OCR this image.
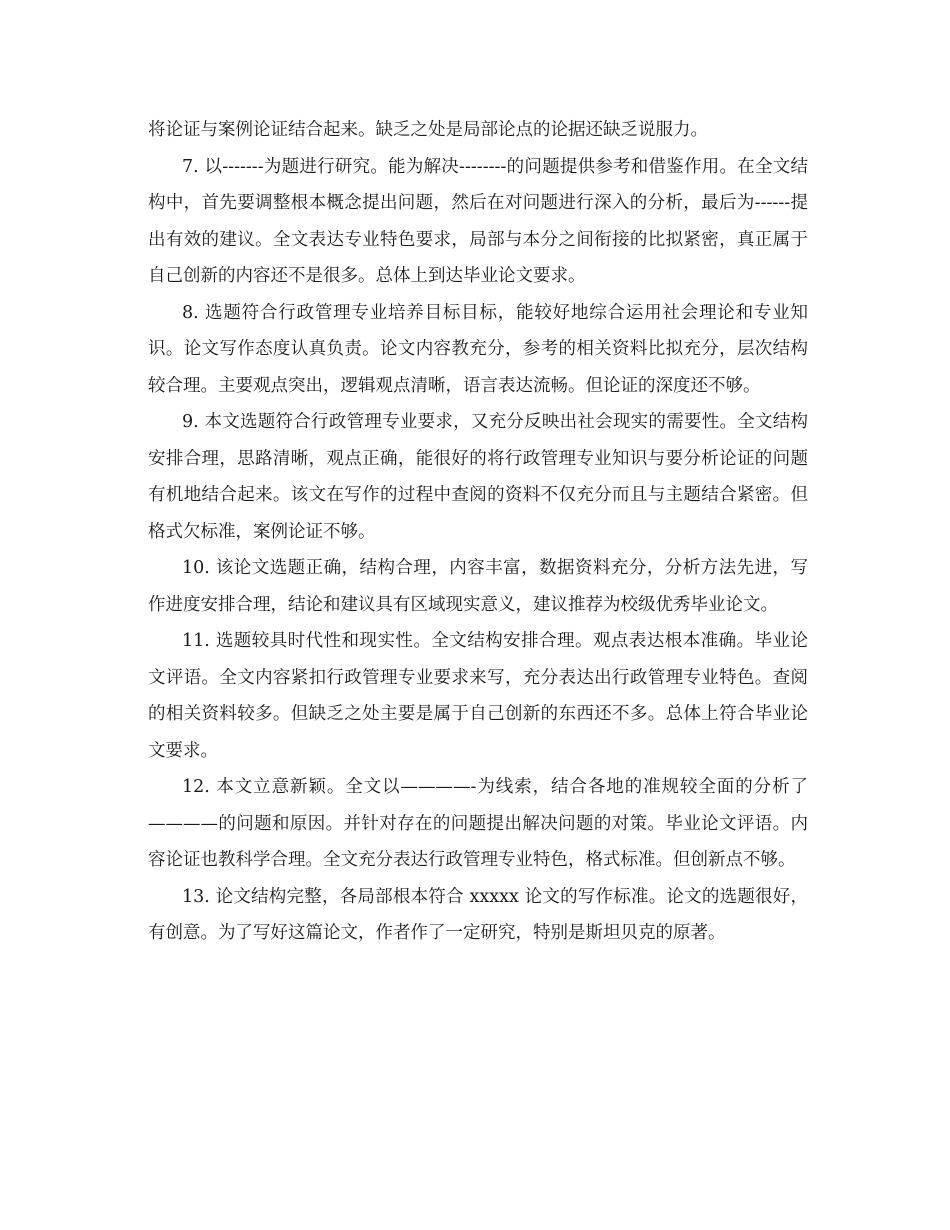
将论证与案例论证结合起来。缺乏之处是局部论点的论据还缺乏说服力。

7. 以-------为题进行研究。能为解决--------的问题提供参考和借鉴作用。在全文结构中，首先要调整根本概念提出问题，然后在对问题进行深入的分析，最后为------提出有效的建议。全文表达专业特色要求，局部与本分之间衔接的比拟紧密，真正属于自己创新的内容还不是很多。总体上到达毕业论文要求。

8. 选题符合行政管理专业培养目标目标，能较好地综合运用社会理论和专业知识。论文写作态度认真负责。论文内容教充分，参考的相关资料比拟充分，层次结构较合理。主要观点突出，逻辑观点清晰，语言表达流畅。但论证的深度还不够。

9. 本文选题符合行政管理专业要求，又充分反映出社会现实的需要性。全文结构安排合理，思路清晰，观点正确，能很好的将行政管理专业知识与要分析论证的问题有机地结合起来。该文在写作的过程中查阅的资料不仅充分而且与主题结合紧密。但格式欠标准，案例论证不够。

10. 该论文选题正确，结构合理，内容丰富，数据资料充分，分析方法先进，写作进度安排合理，结论和建议具有区域现实意义，建议推荐为校级优秀毕业论文。

11. 选题较具时代性和现实性。全文结构安排合理。观点表达根本准确。毕业论文评语。全文内容紧扣行政管理专业要求来写，充分表达出行政管理专业特色。查阅的相关资料较多。但缺乏之处主要是属于自己创新的东西还不多。总体上符合毕业论文要求。

12. 本文立意新颖。全文以————-为线索，结合各地的准规较全面的分析了————的问题和原因。并针对存在的问题提出解决问题的对策。毕业论文评语。内容论证也教科学合理。全文充分表达行政管理专业特色，格式标准。但创新点不够。

13. 论文结构完整，各局部根本符合 xxxxx 论文的写作标准。论文的选题很好，有创意。为了写好这篇论文，作者作了一定研究，特别是斯坦贝克的原著。
